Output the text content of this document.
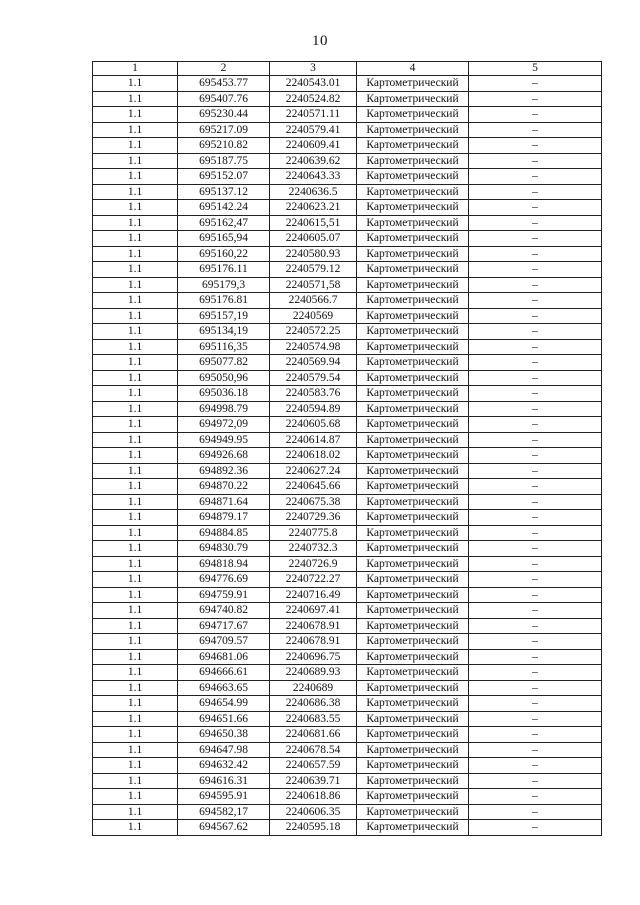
10
1	2	3	4	5
1.1	695453.77	2240543.01	Картометрический	–
1.1	695407.76	2240524.82	Картометрический	–
1.1	695230.44	2240571.11	Картометрический	–
1.1	695217.09	2240579.41	Картометрический	–
1.1	695210.82	2240609.41	Картометрический	–
1.1	695187.75	2240639.62	Картометрический	–
1.1	695152.07	2240643.33	Картометрический	–
1.1	695137.12	2240636.5	Картометрический	–
1.1	695142.24	2240623.21	Картометрический	–
1.1	695162,47	2240615,51	Картометрический	–
1.1	695165,94	2240605.07	Картометрический	–
1.1	695160,22	2240580.93	Картометрический	–
1.1	695176.11	2240579.12	Картометрический	–
1.1	695179,3	2240571,58	Картометрический	–
1.1	695176.81	2240566.7	Картометрический	–
1.1	695157,19	2240569	Картометрический	–
1.1	695134,19	2240572.25	Картометрический	–
1.1	695116,35	2240574.98	Картометрический	–
1.1	695077.82	2240569.94	Картометрический	–
1.1	695050,96	2240579.54	Картометрический	–
1.1	695036.18	2240583.76	Картометрический	–
1.1	694998.79	2240594.89	Картометрический	–
1.1	694972,09	2240605.68	Картометрический	–
1.1	694949.95	2240614.87	Картометрический	–
1.1	694926.68	2240618.02	Картометрический	–
1.1	694892.36	2240627.24	Картометрический	–
1.1	694870.22	2240645.66	Картометрический	–
1.1	694871.64	2240675.38	Картометрический	–
1.1	694879.17	2240729.36	Картометрический	–
1.1	694884.85	2240775.8	Картометрический	–
1.1	694830.79	2240732.3	Картометрический	–
1.1	694818.94	2240726.9	Картометрический	–
1.1	694776.69	2240722.27	Картометрический	–
1.1	694759.91	2240716.49	Картометрический	–
1.1	694740.82	2240697.41	Картометрический	–
1.1	694717.67	2240678.91	Картометрический	–
1.1	694709.57	2240678.91	Картометрический	–
1.1	694681.06	2240696.75	Картометрический	–
1.1	694666.61	2240689.93	Картометрический	–
1.1	694663.65	2240689	Картометрический	–
1.1	694654.99	2240686.38	Картометрический	–
1.1	694651.66	2240683.55	Картометрический	–
1.1	694650.38	2240681.66	Картометрический	–
1.1	694647.98	2240678.54	Картометрический	–
1.1	694632.42	2240657.59	Картометрический	–
1.1	694616.31	2240639.71	Картометрический	–
1.1	694595.91	2240618.86	Картометрический	–
1.1	694582,17	2240606.35	Картометрический	–
1.1	694567.62	2240595.18	Картометрический	–
